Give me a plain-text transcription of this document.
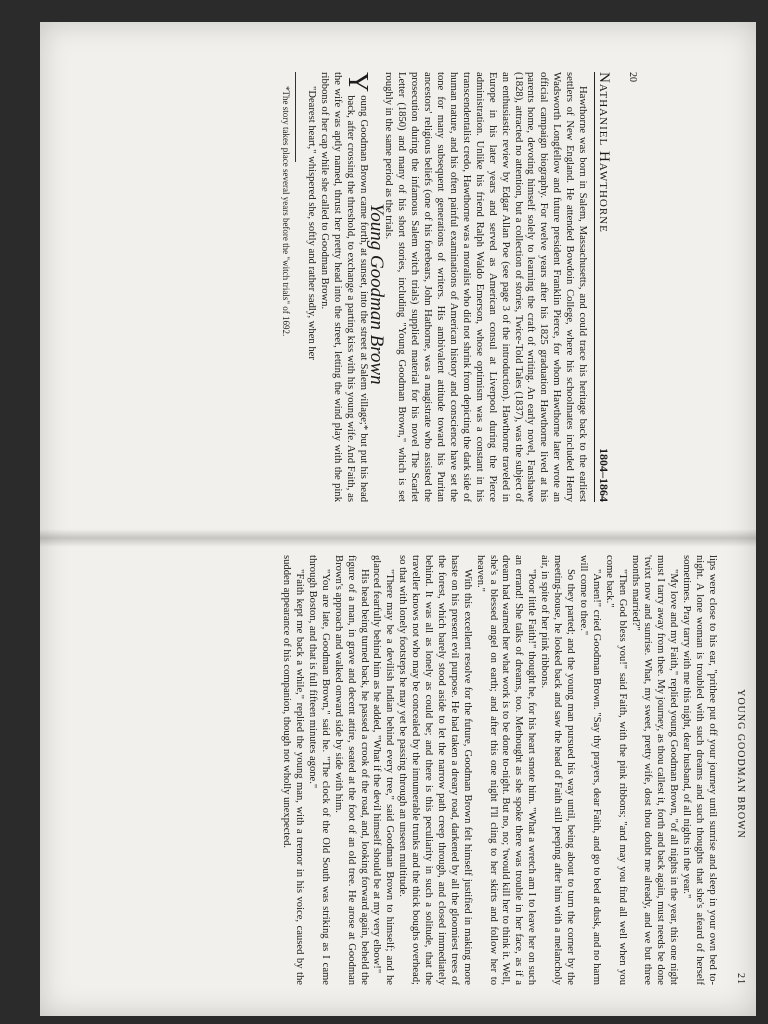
20
Nathaniel Hawthorne
1804–1864

Hawthorne was born in Salem, Massachusetts, and could trace his heritage back to the earliest settlers of New England. He attended Bowdoin College, where his schoolmates included Henry Wadsworth Longfellow and future president Franklin Pierce, for whom Hawthorne later wrote an official campaign biography. For twelve years after his 1825 graduation Hawthorne lived at his parents home, devoting himself solely to learning the craft of writing. An early novel, Fanshawe (1828), attracted no attention, but a collection of stories, Twice-Told Tales (1837), was the subject of an enthusiastic review by Edgar Allan Poe (see page 3 of the introduction). Hawthorne traveled in Europe in his later years and served as American consul at Liverpool during the Pierce administration. Unlike his friend Ralph Waldo Emerson, whose optimism was a constant in his transcendentalist credo, Hawthorne was a moralist who did not shrink from depicting the dark side of human nature, and his often painful examinations of American history and conscience have set the tone for many subsequent generations of writers. His ambivalent attitude toward his Puritan ancestors' religious beliefs (one of his forebears, John Hathorne, was a magistrate who assisted the prosecution during the infamous Salem witch trials) supplied material for his novel The Scarlet Letter (1850) and many of his short stories, including "Young Goodman Brown," which is set roughly in the same period as the trials.

Young Goodman Brown

Y
oung Goodman Brown came forth, at sunset, into the street at Salem village;* but put his head back, after crossing the threshold, to exchange a parting kiss with his young wife. And Faith, as the wife was aptly named, thrust her pretty head into the street, letting the wind play with the pink ribbons of her cap while she called to Goodman Brown.

"Dearest heart," whispered she, softly and rather sadly, when her

*The story takes place several years before the "witch trials" of 1692.

YOUNG GOODMAN BROWN
21

lips were close to his ear, "prithee put off your journey until sunrise and sleep in your own bed to-night. A lone woman is troubled with such dreams and such thoughts that she's afeard of herself sometimes. Pray tarry with me this night, dear husband, of all nights in the year."

"My love and my Faith," replied young Goodman Brown, "of all nights in the year, this one night must I tarry away from thee. My journey, as thou callest it, forth and back again, must needs be done 'twixt now and sunrise. What, my sweet, pretty wife, dost thou doubt me already, and we but three months married?"

"Then God bless you!" said Faith, with the pink ribbons; "and may you find all well when you come back."

"Amen!" cried Goodman Brown. "Say thy prayers, dear Faith, and go to bed at dusk, and no harm will come to thee."

So they parted; and the young man pursued his way until, being about to turn the corner by the meeting-house, he looked back and saw the head of Faith still peeping after him with a melancholy air, in spite of her pink ribbons.

"Poor little Faith!" thought he, for his heart smote him. "What a wretch am I to leave her on such an errand! She talks of dreams, too. Methought as she spoke there was trouble in her face, as if a dream had warned her what work is to be done to-night. But no, no; 'twould kill her to think it. Well, she's a blessed angel on earth; and after this one night I'll cling to her skirts and follow her to heaven."

With this excellent resolve for the future, Goodman Brown felt himself justified in making more haste on his present evil purpose. He had taken a dreary road, darkened by all the gloomiest trees of the forest, which barely stood aside to let the narrow path creep through, and closed immediately behind. It was all as lonely as could be; and there is this peculiarity in such a solitude, that the traveller knows not who may be concealed by the innumerable trunks and the thick boughs overhead; so that with lonely footsteps he may yet be passing through an unseen multitude.

"There may be a devilish Indian behind every tree," said Goodman Brown to himself; and he glanced fearfully behind him as he added, "What if the devil himself should be at my very elbow!"

His head being turned back, he passed a crook of the road, and, looking forward again, beheld the figure of a man, in grave and decent attire, seated at the foot of an old tree. He arose at Goodman Brown's approach and walked onward side by side with him.

"You are late, Goodman Brown," said he. "The clock of the Old South was striking as I came through Boston, and that is full fifteen minutes agone."

"Faith kept me back a while," replied the young man, with a tremor in his voice, caused by the sudden appearance of his companion, though not wholly unexpected.
